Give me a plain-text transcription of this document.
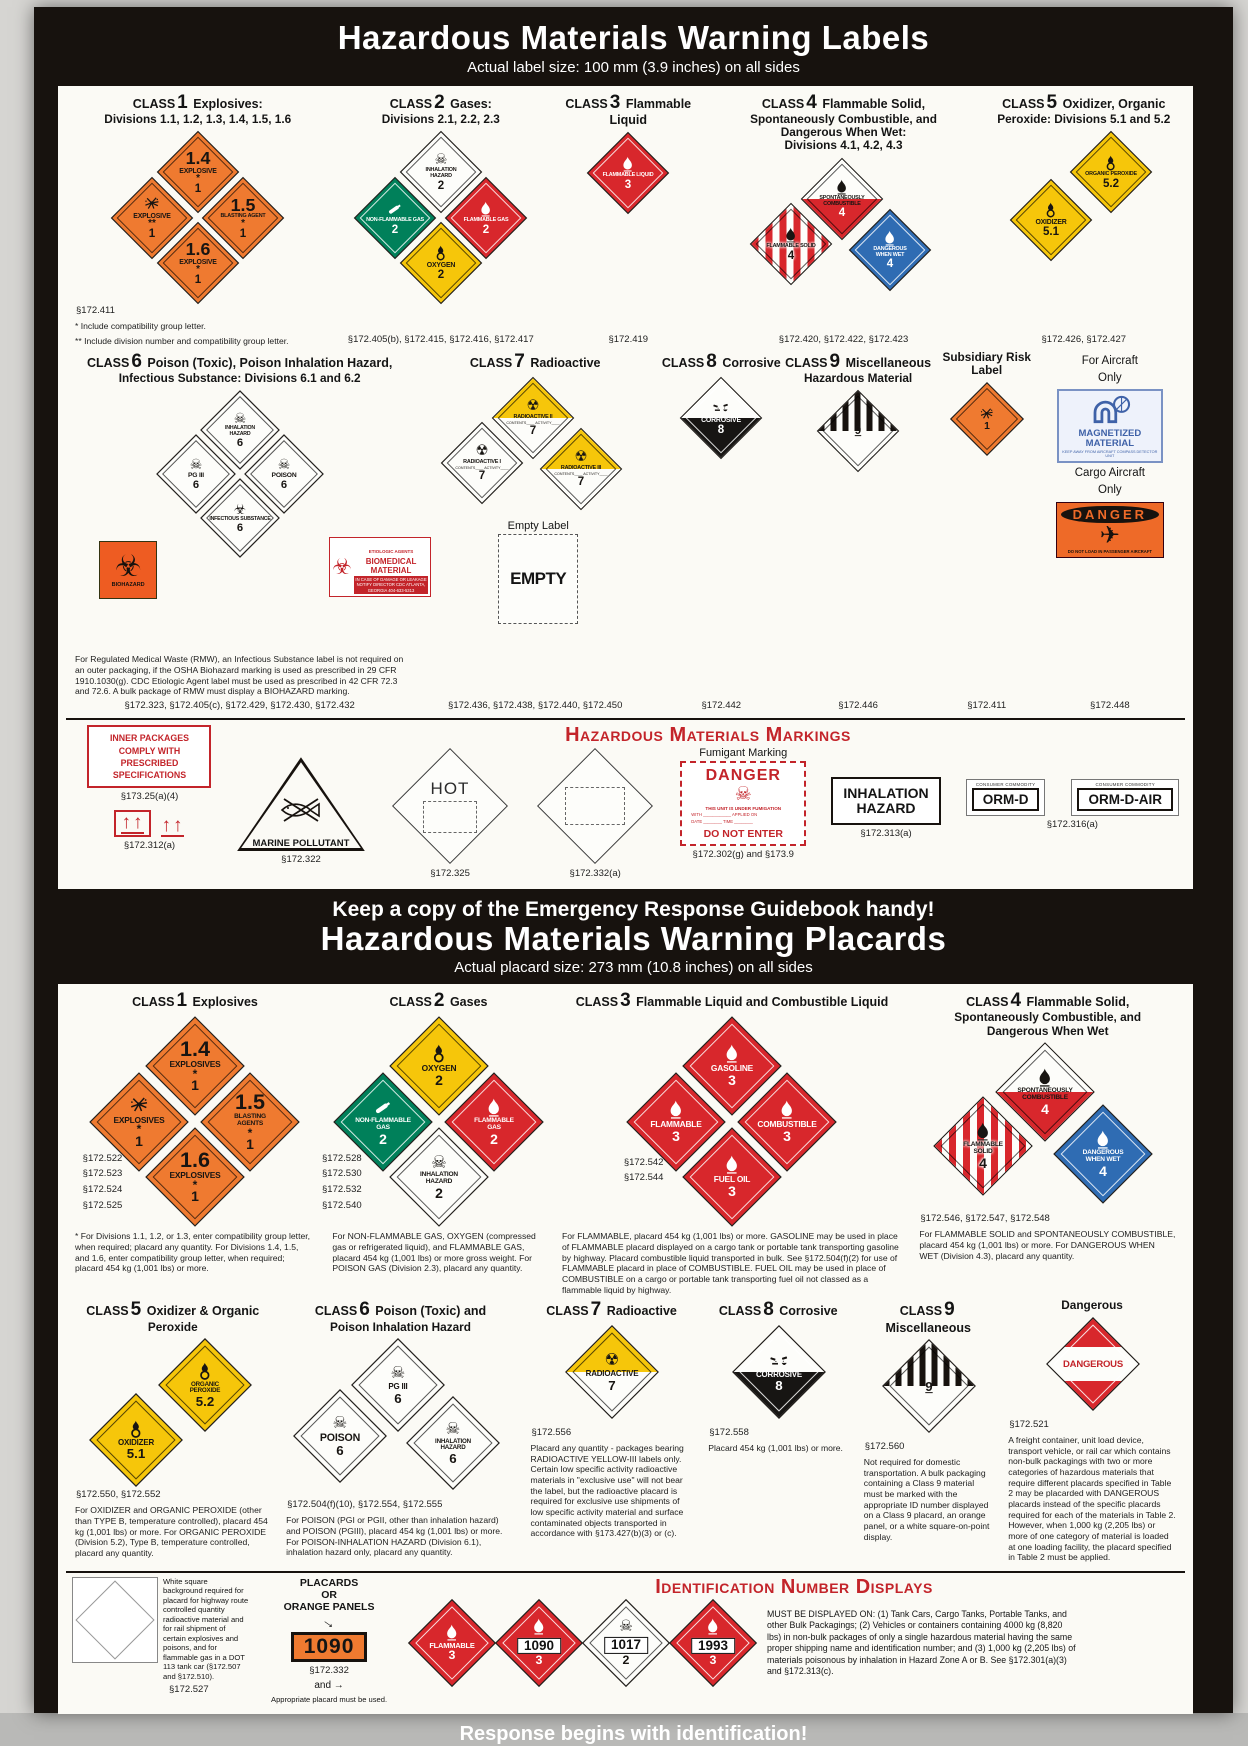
Hazardous Materials Warning Labels
Actual label size: 100 mm (3.9 inches) on all sides
CLASS 1 Explosives:
Divisions 1.1, 1.2, 1.3, 1.4, 1.5, 1.6
1.4
EXPLOSIVE
*
1
EXPLOSIVE
**
1
1.5
BLASTING AGENT
*
1
1.6
EXPLOSIVE
*
1
§172.411
* Include compatibility group letter.
** Include division number and compatibility group letter.
CLASS 2 Gases:
Divisions 2.1, 2.2, 2.3
☠
INHALATION
HAZARD
2
NON-FLAMMABLE GAS
2
FLAMMABLE GAS
2
OXYGEN
2
§172.405(b), §172.415, §172.416, §172.417
CLASS 3 Flammable Liquid
FLAMMABLE LIQUID
3
§172.419
CLASS 4 Flammable Solid,
Spontaneously Combustible, and
Dangerous When Wet:
Divisions 4.1, 4.2, 4.3
SPONTANEOUSLY
COMBUSTIBLE
4
FLAMMABLE SOLID
4
DANGEROUS
WHEN WET
4
§172.420, §172.422, §172.423
CLASS 5 Oxidizer, Organic
Peroxide: Divisions 5.1 and 5.2
ORGANIC PEROXIDE
5.2
OXIDIZER
5.1
§172.426, §172.427
CLASS 6 Poison (Toxic), Poison Inhalation Hazard,
Infectious Substance: Divisions 6.1 and 6.2
☠
INHALATION
HAZARD
6
☠
PG III
6
☠
POISON
6
☣
INFECTIOUS SUBSTANCE
6
☣
BIOHAZARD
☣
ETIOLOGIC AGENTS
BIOMEDICAL
MATERIAL
IN CASE OF DAMAGE OR LEAKAGE NOTIFY DIRECTOR CDC ATLANTA, GEORGIA 404-633-5313
For Regulated Medical Waste (RMW), an Infectious Substance label is not required on an outer packaging, if the OSHA Biohazard marking is used as prescribed in 29 CFR 1910.1030(g). CDC Etiologic Agent label must be used as prescribed in 42 CFR 72.3 and 72.6. A bulk package of RMW must display a BIOHAZARD marking.
§172.323, §172.405(c), §172.429, §172.430, §172.432
CLASS 7 Radioactive
☢
RADIOACTIVE II
CONTENTS____ ACTIVITY____
7
☢
RADIOACTIVE I
CONTENTS____ ACTIVITY____
7
☢
RADIOACTIVE III
CONTENTS____ ACTIVITY____
7
Empty Label
EMPTY
§172.436, §172.438, §172.440, §172.450
CLASS 8 Corrosive
CORROSIVE
8
§172.442
CLASS 9 Miscellaneous
Hazardous Material
9
§172.446
Subsidiary Risk
Label
1
§172.411
For Aircraft
Only
MAGNETIZED
MATERIAL
KEEP AWAY FROM AIRCRAFT COMPASS DETECTOR UNIT
Cargo Aircraft
Only
DANGER
✈
DO NOT LOAD IN PASSENGER AIRCRAFT
§172.448
INNER PACKAGES
COMPLY WITH
PRESCRIBED
SPECIFICATIONS
§173.25(a)(4)
↑↑ ↑↑
§172.312(a)
Hazardous Materials Markings
MARINE POLLUTANT
§172.322
HOT
§172.325	§172.332(a)
Fumigant Marking
DANGER
☠
THIS UNIT IS UNDER FUMIGATION
WITH ____________ APPLIED ON
DATE ________ TIME ________
DO NOT ENTER
§172.302(g) and §173.9
INHALATION
HAZARD
§172.313(a)
CONSUMER COMMODITY
ORM-D
CONSUMER COMMODITY
ORM-D-AIR
§172.316(a)
Keep a copy of the Emergency Response Guidebook handy!
Hazardous Materials Warning Placards
Actual placard size: 273 mm (10.8 inches) on all sides
CLASS 1 Explosives
1.4
EXPLOSIVES
*
1
EXPLOSIVES
*
1
1.5
BLASTING
AGENTS
*
1
1.6
EXPLOSIVES
*
1
§172.522
§172.523
§172.524
§172.525
* For Divisions 1.1, 1.2, or 1.3, enter compatibility group letter, when required; placard any quantity. For Divisions 1.4, 1.5, and 1.6, enter compatibility group letter, when required; placard 454 kg (1,001 lbs) or more.
CLASS 2 Gases
OXYGEN
2
NON-FLAMMABLE
GAS
2
FLAMMABLE
GAS
2
☠
INHALATION
HAZARD
2
§172.528
§172.530
§172.532
§172.540
For NON-FLAMMABLE GAS, OXYGEN (compressed gas or refrigerated liquid), and FLAMMABLE GAS, placard 454 kg (1,001 lbs) or more gross weight. For POISON GAS (Division 2.3), placard any quantity.
CLASS 3 Flammable Liquid and Combustible Liquid
GASOLINE
3
FLAMMABLE
3
COMBUSTIBLE
3
FUEL OIL
3
§172.542
§172.544
For FLAMMABLE, placard 454 kg (1,001 lbs) or more. GASOLINE may be used in place of FLAMMABLE placard displayed on a cargo tank or portable tank transporting gasoline by highway. Placard combustible liquid transported in bulk. See §172.504(f)(2) for use of FLAMMABLE placard in place of COMBUSTIBLE. FUEL OIL may be used in place of COMBUSTIBLE on a cargo or portable tank transporting fuel oil not classed as a flammable liquid by highway.
CLASS 4 Flammable Solid,
Spontaneously Combustible, and
Dangerous When Wet
SPONTANEOUSLY
COMBUSTIBLE
4
FLAMMABLE
SOLID
4
DANGEROUS
WHEN WET
4
§172.546, §172.547, §172.548
For FLAMMABLE SOLID and SPONTANEOUSLY COMBUSTIBLE, placard 454 kg (1,001 lbs) or more. For DANGEROUS WHEN WET (Division 4.3), placard any quantity.
CLASS 5 Oxidizer & Organic
Peroxide
ORGANIC
PEROXIDE
5.2
OXIDIZER
5.1
§172.550, §172.552
For OXIDIZER and ORGANIC PEROXIDE (other than TYPE B, temperature controlled), placard 454 kg (1,001 lbs) or more. For ORGANIC PEROXIDE (Division 5.2), Type B, temperature controlled, placard any quantity.
CLASS 6 Poison (Toxic) and
Poison Inhalation Hazard
☠
PG III
6
☠
POISON
6
☠
INHALATION
HAZARD
6
§172.504(f)(10), §172.554, §172.555
For POISON (PGI or PGII, other than inhalation hazard) and POISON (PGIII), placard 454 kg (1,001 lbs) or more. For POISON-INHALATION HAZARD (Division 6.1), inhalation hazard only, placard any quantity.
CLASS 7 Radioactive
☢
RADIOACTIVE
7
§172.556
Placard any quantity - packages bearing RADIOACTIVE YELLOW-III labels only. Certain low specific activity radioactive materials in "exclusive use" will not bear the label, but the radioactive placard is required for exclusive use shipments of low specific activity material and surface contaminated objects transported in accordance with §173.427(b)(3) or (c).
CLASS 8 Corrosive
CORROSIVE
8
§172.558
Placard 454 kg (1,001 lbs) or more.
CLASS 9 Miscellaneous
9
§172.560
Not required for domestic transportation. A bulk packaging containing a Class 9 material must be marked with the appropriate ID number displayed on a Class 9 placard, an orange panel, or a white square-on-point display.
Dangerous
DANGEROUS
§172.521
A freight container, unit load device, transport vehicle, or rail car which contains non-bulk packagings with two or more categories of hazardous materials that require different placards specified in Table 2 may be placarded with DANGEROUS placards instead of the specific placards required for each of the materials in Table 2. However, when 1,000 kg (2,205 lbs) or more of one category of material is loaded at one loading facility, the placard specified in Table 2 must be applied.
White square background required for placard for highway route controlled quantity radioactive material and for rail shipment of certain explosives and poisons, and for flammable gas in a DOT 113 tank car (§172.507 and §172.510).
§172.527
PLACARDS
OR
ORANGE PANELS
→
1090
§172.332
and →
Appropriate placard must be used.
Identification Number Displays
FLAMMABLE
3
1090
3
☠
1017
2
1993
3
MUST BE DISPLAYED ON: (1) Tank Cars, Cargo Tanks, Portable Tanks, and other Bulk Packagings; (2) Vehicles or containers containing 4000 kg (8,820 lbs) in non-bulk packages of only a single hazardous material having the same proper shipping name and identification number; and (3) 1,000 kg (2,205 lbs) of materials poisonous by inhalation in Hazard Zone A or B. See §172.301(a)(3) and §172.313(c).
Response begins with identification!
